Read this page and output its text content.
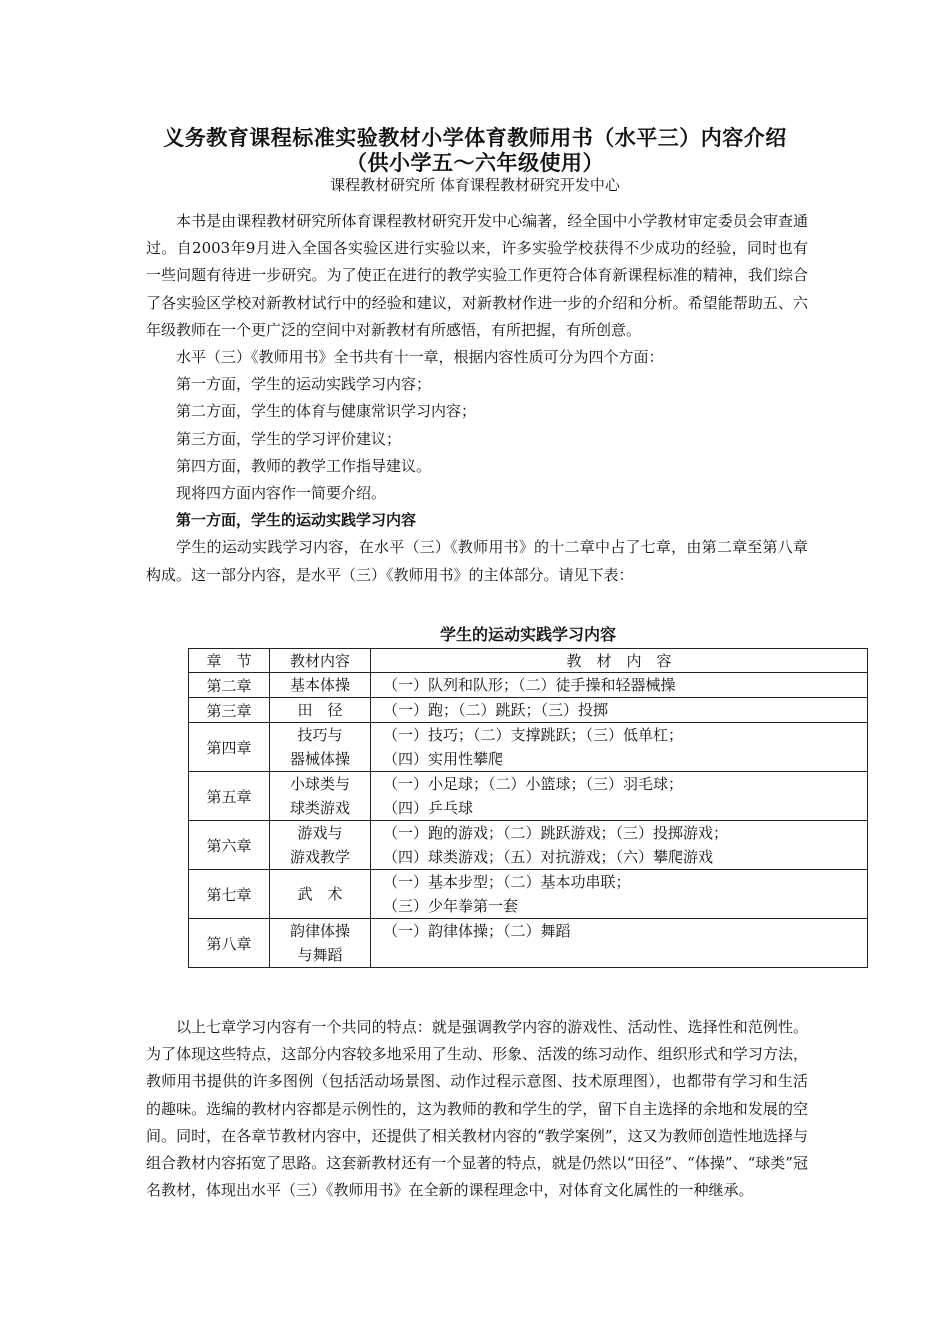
义务教育课程标准实验教材小学体育教师用书（水平三）内容介绍
（供小学五～六年级使用）
课程教材研究所 体育课程教材研究开发中心

本书是由课程教材研究所体育课程教材研究开发中心编著，经全国中小学教材审定委员会审查通过。自2003年9月进入全国各实验区进行实验以来，许多实验学校获得不少成功的经验，同时也有一些问题有待进一步研究。为了使正在进行的教学实验工作更符合体育新课程标准的精神，我们综合了各实验区学校对新教材试行中的经验和建议，对新教材作进一步的介绍和分析。希望能帮助五、六年级教师在一个更广泛的空间中对新教材有所感悟，有所把握，有所创意。

水平（三）《教师用书》全书共有十一章，根据内容性质可分为四个方面：

第一方面，学生的运动实践学习内容；

第二方面，学生的体育与健康常识学习内容；

第三方面，学生的学习评价建议；

第四方面，教师的教学工作指导建议。

现将四方面内容作一简要介绍。

第一方面，学生的运动实践学习内容

学生的运动实践学习内容，在水平（三）《教师用书》的十二章中占了七章，由第二章至第八章构成。这一部分内容，是水平（三）《教师用书》的主体部分。请见下表：

学生的运动实践学习内容
章　节	教材内容	教　材　内　容
第二章	基本体操	（一）队列和队形；（二）徒手操和轻器械操

第三章	田　径	（一）跑；（二）跳跃；（三）投掷

第四章	技巧与
器械体操	（一）技巧；（二）支撑跳跃；（三）低单杠；
（四）实用性攀爬

第五章	小球类与
球类游戏	（一）小足球；（二）小篮球；（三）羽毛球；
（四）乒乓球

第六章	游戏与
游戏教学	（一）跑的游戏；（二）跳跃游戏；（三）投掷游戏；
（四）球类游戏；（五）对抗游戏；（六）攀爬游戏

第七章	武　术	（一）基本步型；（二）基本功串联；
（三）少年拳第一套

第八章	韵律体操
与舞蹈	（一）韵律体操；（二）舞蹈

以上七章学习内容有一个共同的特点：就是强调教学内容的游戏性、活动性、选择性和范例性。为了体现这些特点，这部分内容较多地采用了生动、形象、活泼的练习动作、组织形式和学习方法，教师用书提供的许多图例（包括活动场景图、动作过程示意图、技术原理图），也都带有学习和生活的趣味。选编的教材内容都是示例性的，这为教师的教和学生的学，留下自主选择的余地和发展的空间。同时，在各章节教材内容中，还提供了相关教材内容的“教学案例”，这又为教师创造性地选择与组合教材内容拓宽了思路。这套新教材还有一个显著的特点，就是仍然以“田径”、“体操”、“球类”冠名教材，体现出水平（三）《教师用书》在全新的课程理念中，对体育文化属性的一种继承。
